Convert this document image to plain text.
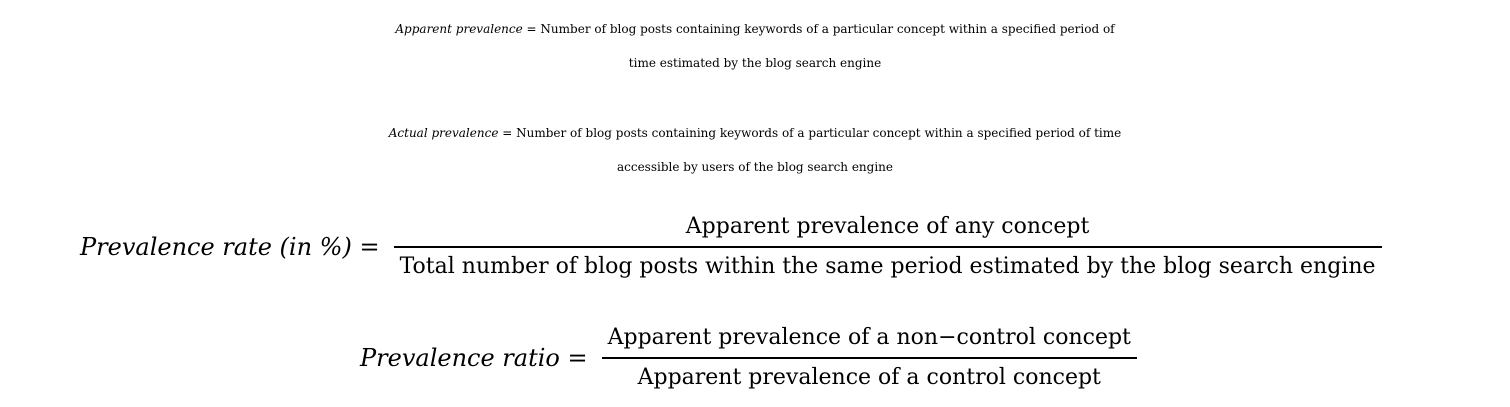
Apparent prevalence = Number of blog posts containing keywords of a particular concept within a specified period of
time estimated by the blog search engine
Actual prevalence = Number of blog posts containing keywords of a particular concept within a specified period of time
accessible by users of the blog search engine
Prevalence rate (in %) =
Apparent prevalence of any concept
Total number of blog posts within the same period estimated by the blog search engine
Prevalence ratio = $\frac{\text{Apparent prevalence of a non−control concept}}{\text{Apparent prevalence of a control concept}}$
